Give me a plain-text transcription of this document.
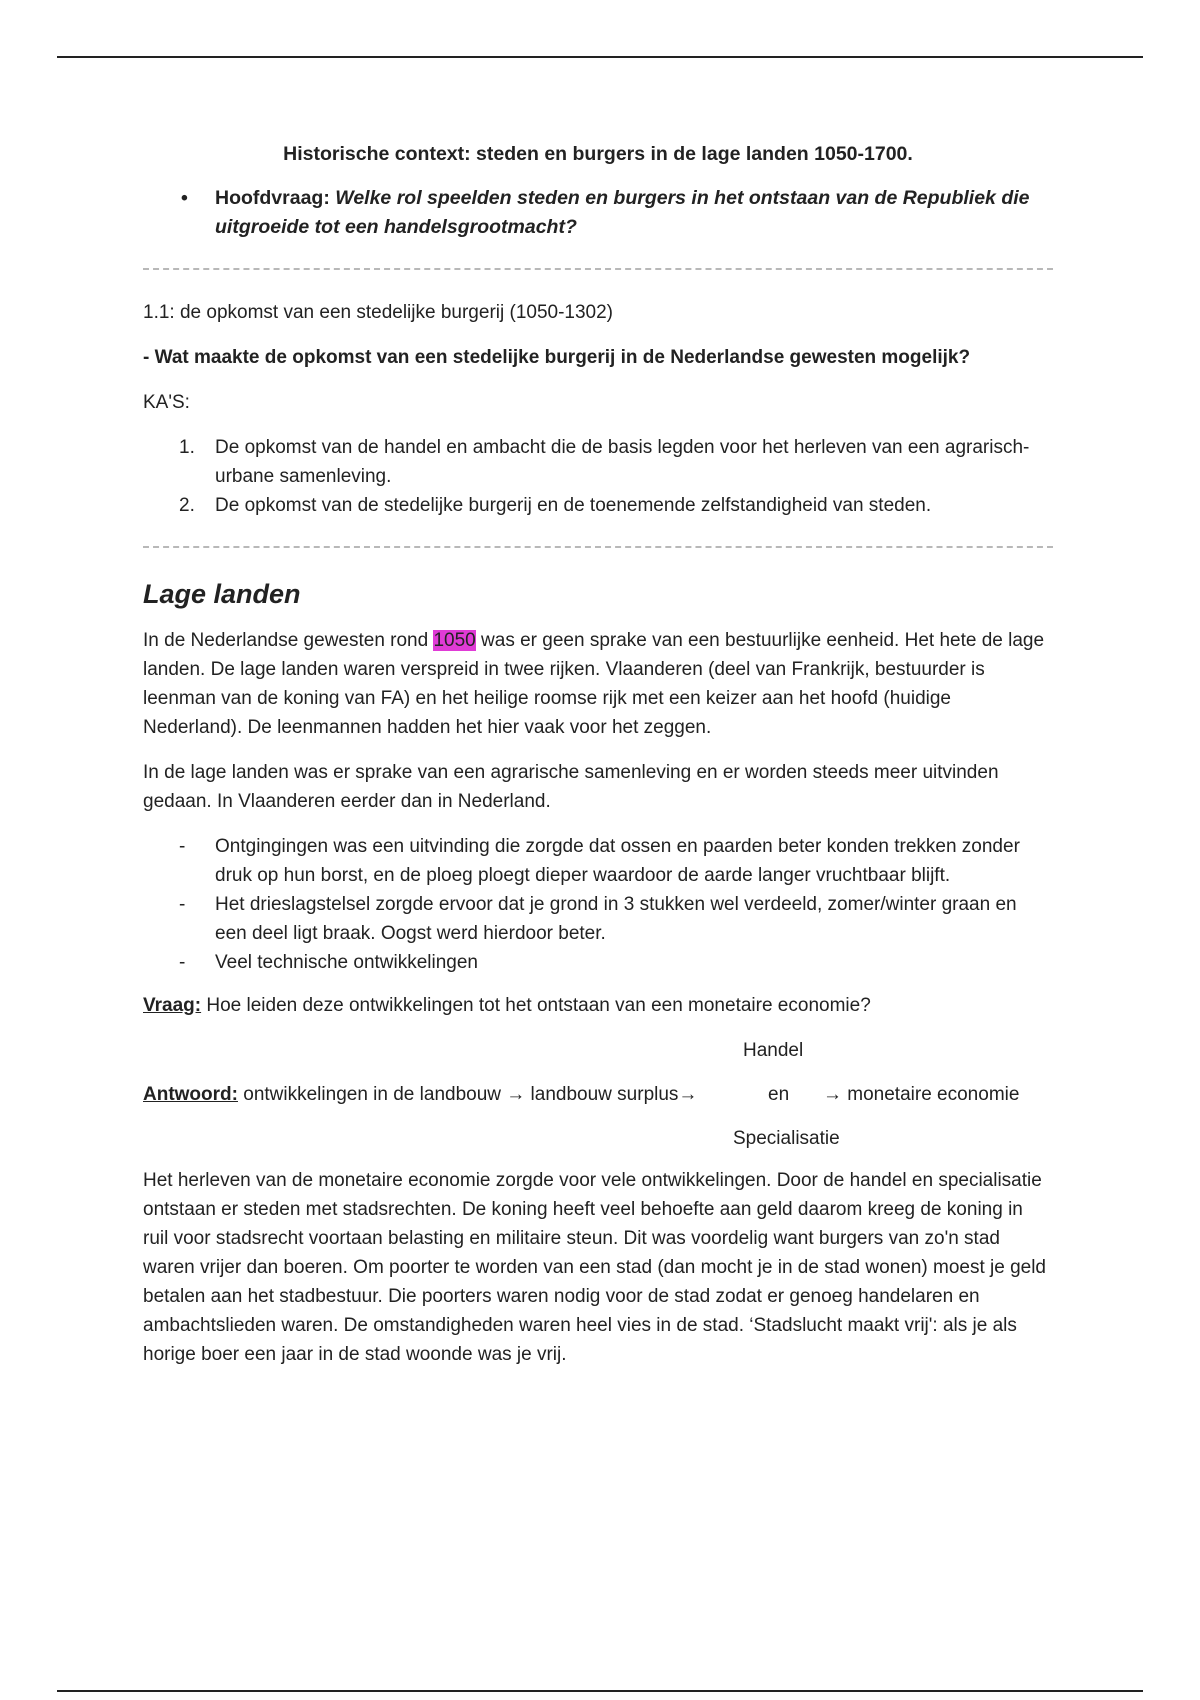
Historische context: steden en burgers in de lage landen 1050-1700.

•	Hoofdvraag: Welke rol speelden steden en burgers in het ontstaan van de Republiek die uitgroeide tot een handelsgrootmacht?

1.1: de opkomst van een stedelijke burgerij (1050-1302)

- Wat maakte de opkomst van een stedelijke burgerij in de Nederlandse gewesten mogelijk?

KA'S:

1.	De opkomst van de handel en ambacht die de basis legden voor het herleven van een agrarisch-urbane samenleving.
2.	De opkomst van de stedelijke burgerij en de toenemende zelfstandigheid van steden.
Lage landen

In de Nederlandse gewesten rond 1050 was er geen sprake van een bestuurlijke eenheid. Het hete de lage landen. De lage landen waren verspreid in twee rijken. Vlaanderen (deel van Frankrijk, bestuurder is leenman van de koning van FA) en het heilige roomse rijk met een keizer aan het hoofd (huidige Nederland). De leenmannen hadden het hier vaak voor het zeggen.

In de lage landen was er sprake van een agrarische samenleving en er worden steeds meer uitvinden gedaan. In Vlaanderen eerder dan in Nederland.

-	Ontgingingen was een uitvinding die zorgde dat ossen en paarden beter konden trekken zonder druk op hun borst, en de ploeg ploegt dieper waardoor de aarde langer vruchtbaar blijft.
-	Het drieslagstelsel zorgde ervoor dat je grond in 3 stukken wel verdeeld, zomer/winter graan en een deel ligt braak. Oogst werd hierdoor beter.
-	Veel technische ontwikkelingen

Vraag: Hoe leiden deze ontwikkelingen tot het ontstaan van een monetaire economie?

Handel
Antwoord: ontwikkelingen in de landbouw → landbouw surplus→	en → monetaire economie
Specialisatie

Het herleven van de monetaire economie zorgde voor vele ontwikkelingen. Door de handel en specialisatie ontstaan er steden met stadsrechten. De koning heeft veel behoefte aan geld daarom kreeg de koning in ruil voor stadsrecht voortaan belasting en militaire steun. Dit was voordelig want burgers van zo'n stad waren vrijer dan boeren. Om poorter te worden van een stad (dan mocht je in de stad wonen) moest je geld betalen aan het stadbestuur. Die poorters waren nodig voor de stad zodat er genoeg handelaren en ambachtslieden waren. De omstandigheden waren heel vies in de stad. ‘Stadslucht maakt vrij': als je als horige boer een jaar in de stad woonde was je vrij.
